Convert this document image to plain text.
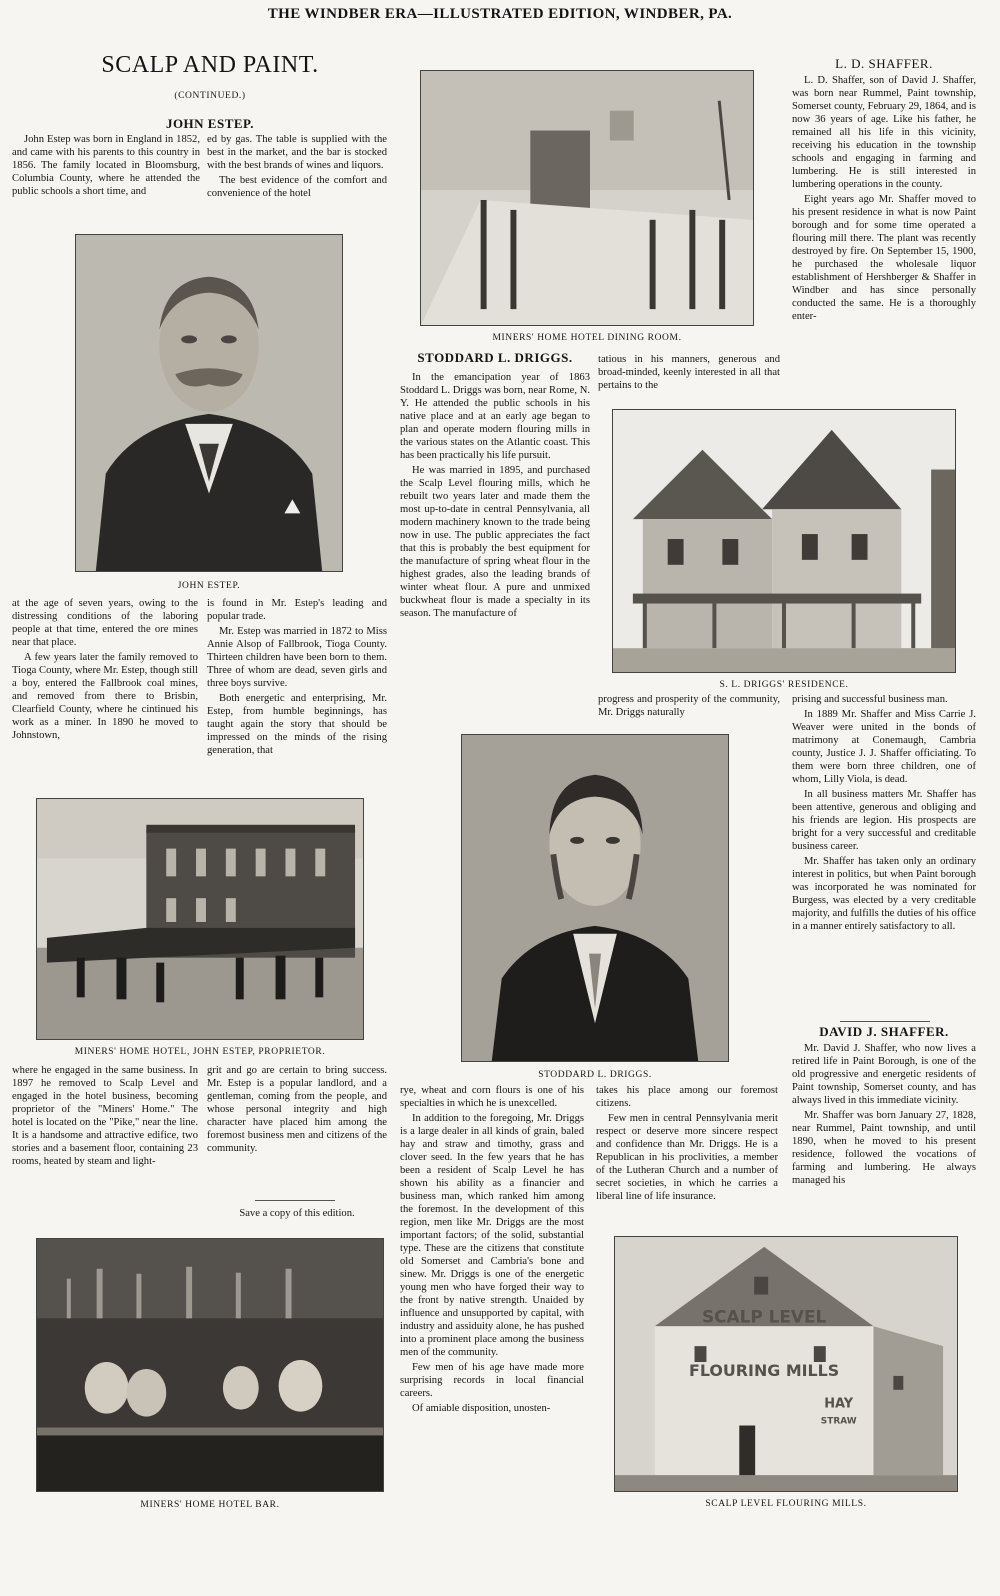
THE WINDBER ERA—ILLUSTRATED EDITION, WINDBER, PA.
SCALP AND PAINT.
(CONTINUED.)
JOHN ESTEP.

John Estep was born in England in 1852, and came with his parents to this country in 1856. The family located in Bloomsburg, Columbia County, where he attended the public schools a short time, and

ed by gas. The table is supplied with the best in the market, and the bar is stocked with the best brands of wines and liquors.

The best evidence of the comfort and convenience of the hotel

JOHN ESTEP.

at the age of seven years, owing to the distressing conditions of the laboring people at that time, entered the ore mines near that place.

A few years later the family removed to Tioga County, where Mr. Estep, though still a boy, entered the Fallbrook coal mines, and removed from there to Brisbin, Clearfield County, where he cintinued his work as a miner. In 1890 he moved to Johnstown,

is found in Mr. Estep's leading and popular trade.

Mr. Estep was married in 1872 to Miss Annie Alsop of Fallbrook, Tioga County. Thirteen children have been born to them. Three of whom are dead, seven girls and three boys survive.

Both energetic and enterprising, Mr. Estep, from humble beginnings, has taught again the story that should be impressed on the minds of the rising generation, that

MINERS' HOME HOTEL, JOHN ESTEP, PROPRIETOR.

where he engaged in the same business. In 1897 he removed to Scalp Level and engaged in the hotel business, becoming proprietor of the "Miners' Home." The hotel is located on the "Pike," near the line. It is a handsome and attractive edifice, two stories and a basement floor, containing 23 rooms, heated by steam and light-

grit and go are certain to bring success. Mr. Estep is a popular landlord, and a gentleman, coming from the people, and whose personal integrity and high character have placed him among the foremost business men and citizens of the community.

Save a copy of this edition.
MINERS' HOME HOTEL BAR.
MINERS' HOME HOTEL DINING ROOM.
STODDARD L. DRIGGS.

In the emancipation year of 1863 Stoddard L. Driggs was born, near Rome, N. Y. He attended the public schools in his native place and at an early age began to plan and operate modern flouring mills in the various states on the Atlantic coast. This has been practically his life pursuit.

He was married in 1895, and purchased the Scalp Level flouring mills, which he rebuilt two years later and made them the most up-to-date in central Pennsylvania, all modern machinery known to the trade being now in use. The public appreciates the fact that this is probably the best equipment for the manufacture of spring wheat flour in the highest grades, also the leading brands of winter wheat flour. A pure and unmixed buckwheat flour is made a specialty in its season. The manufacture of

tatious in his manners, generous and broad-minded, keenly interested in all that pertains to the

S. L. DRIGGS' RESIDENCE.

progress and prosperity of the community, Mr. Driggs naturally

STODDARD L. DRIGGS.

rye, wheat and corn flours is one of his specialties in which he is unexcelled.

In addition to the foregoing, Mr. Driggs is a large dealer in all kinds of grain, baled hay and straw and timothy, grass and clover seed. In the few years that he has been a resident of Scalp Level he has shown his ability as a financier and business man, which ranked him among the foremost. In the development of this region, men like Mr. Driggs are the most important factors; of the solid, substantial type. These are the citizens that constitute old Somerset and Cambria's bone and sinew. Mr. Driggs is one of the energetic young men who have forged their way to the front by native strength. Unaided by influence and unsupported by capital, with industry and assiduity alone, he has pushed into a prominent place among the business men of the community.

Few men of his age have made more surprising records in local financial careers.

Of amiable disposition, unosten-

takes his place among our foremost citizens.

Few men in central Pennsylvania merit respect or deserve more sincere respect and confidence than Mr. Driggs. He is a Republican in his proclivities, a member of the Lutheran Church and a number of secret societies, in which he carries a liberal line of life insurance.

L. D. SHAFFER.

L. D. Shaffer, son of David J. Shaffer, was born near Rummel, Paint township, Somerset county, February 29, 1864, and is now 36 years of age. Like his father, he remained all his life in this vicinity, receiving his education in the township schools and engaging in farming and lumbering. He is still interested in lumbering operations in the county.

Eight years ago Mr. Shaffer moved to his present residence in what is now Paint borough and for some time operated a flouring mill there. The plant was recently destroyed by fire. On September 15, 1900, he purchased the wholesale liquor establishment of Hershberger & Shaffer in Windber and has since personally conducted the same. He is a thoroughly enter-

prising and successful business man.

In 1889 Mr. Shaffer and Miss Carrie J. Weaver were united in the bonds of matrimony at Conemaugh, Cambria county, Justice J. J. Shaffer officiating. To them were born three children, one of whom, Lilly Viola, is dead.

In all business matters Mr. Shaffer has been attentive, generous and obliging and his friends are legion. His prospects are bright for a very successful and creditable business career.

Mr. Shaffer has taken only an ordinary interest in politics, but when Paint borough was incorporated he was nominated for Burgess, was elected by a very creditable majority, and fulfills the duties of his office in a manner entirely satisfactory to all.

DAVID J. SHAFFER.

Mr. David J. Shaffer, who now lives a retired life in Paint Borough, is one of the old progressive and energetic residents of Paint township, Somerset county, and has always lived in this immediate vicinity.

Mr. Shaffer was born January 27, 1828, near Rummel, Paint township, and until 1890, when he moved to his present residence, followed the vocations of farming and lumbering. He always managed his

SCALP LEVEL
FLOURING MILLS
HAY
STRAW
SCALP LEVEL FLOURING MILLS.
